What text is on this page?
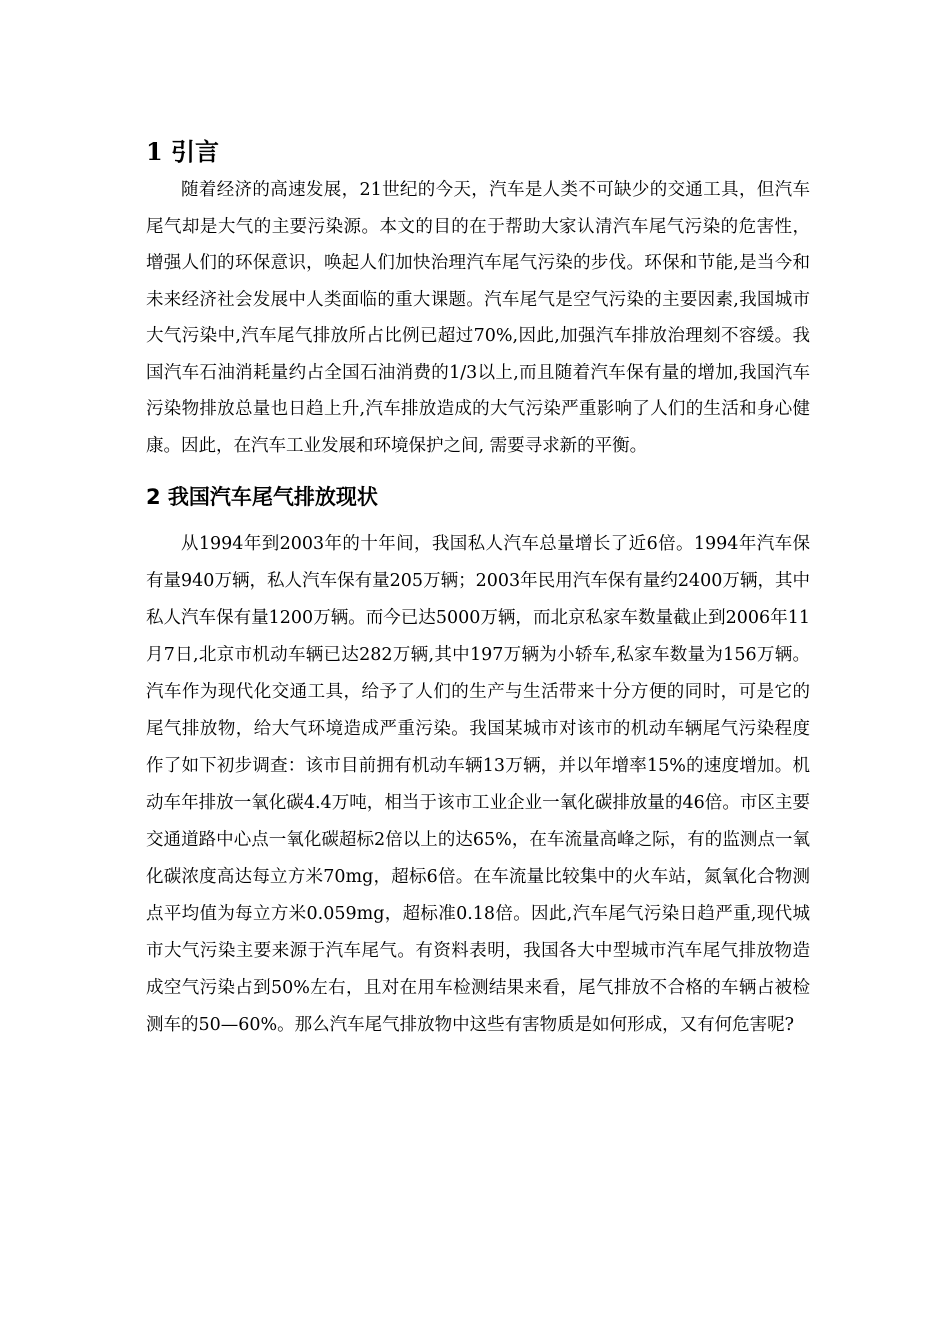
1 引言

随着经济的高速发展，21世纪的今天，汽车是人类不可缺少的交通工具，但汽车尾气却是大气的主要污染源。本文的目的在于帮助大家认清汽车尾气污染的危害性，增强人们的环保意识，唤起人们加快治理汽车尾气污染的步伐。环保和节能,是当今和未来经济社会发展中人类面临的重大课题。汽车尾气是空气污染的主要因素,我国城市大气污染中,汽车尾气排放所占比例已超过70%,因此,加强汽车排放治理刻不容缓。我国汽车石油消耗量约占全国石油消费的1/3以上,而且随着汽车保有量的增加,我国汽车污染物排放总量也日趋上升,汽车排放造成的大气污染严重影响了人们的生活和身心健康。因此，在汽车工业发展和环境保护之间, 需要寻求新的平衡。

2 我国汽车尾气排放现状

从1994年到2003年的十年间，我国私人汽车总量增长了近6倍。1994年汽车保有量940万辆，私人汽车保有量205万辆；2003年民用汽车保有量约2400万辆，其中私人汽车保有量1200万辆。而今已达5000万辆，而北京私家车数量截止到2006年11月7日,北京市机动车辆已达282万辆,其中197万辆为小轿车,私家车数量为156万辆。汽车作为现代化交通工具，给予了人们的生产与生活带来十分方便的同时，可是它的尾气排放物，给大气环境造成严重污染。我国某城市对该市的机动车辆尾气污染程度作了如下初步调查：该市目前拥有机动车辆13万辆，并以年增率15%的速度增加。机动车年排放一氧化碳4.4万吨，相当于该市工业企业一氧化碳排放量的46倍。市区主要交通道路中心点一氧化碳超标2倍以上的达65%，在车流量高峰之际，有的监测点一氧化碳浓度高达每立方米70mg，超标6倍。在车流量比较集中的火车站，氮氧化合物测点平均值为每立方米0.059mg，超标准0.18倍。因此,汽车尾气污染日趋严重,现代城市大气污染主要来源于汽车尾气。有资料表明，我国各大中型城市汽车尾气排放物造成空气污染占到50%左右，且对在用车检测结果来看，尾气排放不合格的车辆占被检测车的50—60%。那么汽车尾气排放物中这些有害物质是如何形成，又有何危害呢?
